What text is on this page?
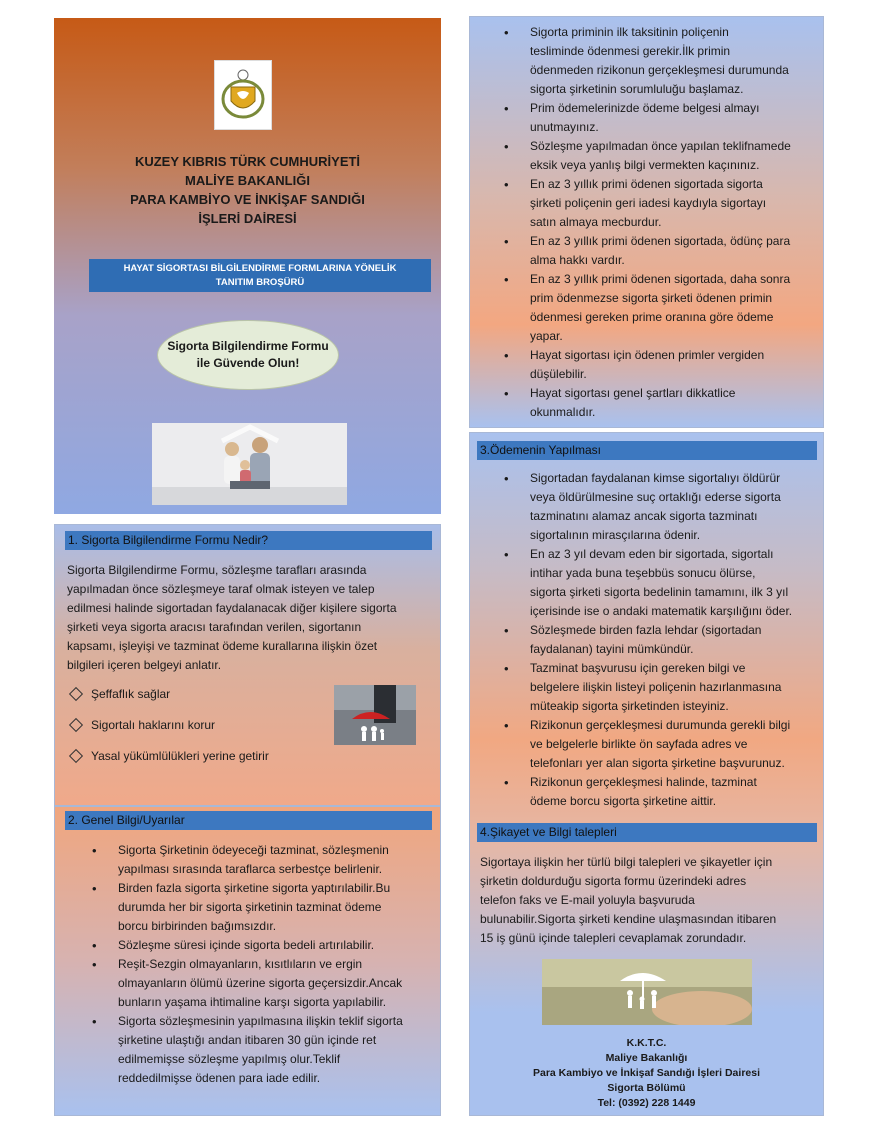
KUZEY KIBRIS TÜRK CUMHURİYETİ
MALİYE BAKANLIĞI
PARA KAMBİYO VE İNKİŞAF SANDIĞI
İŞLERİ DAİRESİ
HAYAT SİGORTASI BİLGİLENDİRME FORMLARINA YÖNELİK
TANITIM BROŞÜRÜ
Sigorta Bilgilendirme Formu
ile Güvende Olun!
1. Sigorta Bilgilendirme Formu Nedir?
Sigorta Bilgilendirme Formu, sözleşme tarafları arasında
yapılmadan önce sözleşmeye taraf olmak isteyen ve talep
edilmesi halinde sigortadan faydalanacak diğer kişilere sigorta
şirketi veya sigorta aracısı tarafından verilen, sigortanın
kapsamı, işleyişi ve tazminat ödeme kurallarına ilişkin özet
bilgileri içeren belgeyi anlatır.
Şeffaflık sağlar
Sigortalı haklarını korur
Yasal yükümlülükleri yerine getirir
2. Genel Bilgi/Uyarılar
• Sigorta Şirketinin ödeyeceği tazminat, sözleşmenin
yapılması sırasında taraflarca serbestçe belirlenir.
• Birden fazla sigorta şirketine sigorta yaptırılabilir.Bu
durumda her bir sigorta şirketinin tazminat ödeme
borcu birbirinden bağımsızdır.
• Sözleşme süresi içinde sigorta bedeli artırılabilir.
• Reşit-Sezgin olmayanların, kısıtlıların ve ergin
olmayanların ölümü üzerine sigorta geçersizdir.Ancak
bunların yaşama ihtimaline karşı sigorta yapılabilir.
• Sigorta sözleşmesinin yapılmasına ilişkin teklif sigorta
şirketine ulaştığı andan itibaren 30 gün içinde ret
edilmemişse sözleşme yapılmış olur.Teklif
reddedilmişse ödenen para iade edilir.
• Sigorta priminin ilk taksitinin poliçenin
tesliminde ödenmesi gerekir.İlk primin
ödenmeden rizikonun gerçekleşmesi durumunda
sigorta şirketinin sorumluluğu başlamaz.
• Prim ödemelerinizde ödeme belgesi almayı
unutmayınız.
• Sözleşme yapılmadan önce yapılan teklifnamede
eksik veya yanlış bilgi vermekten kaçınınız.
• En az 3 yıllık primi ödenen sigortada sigorta
şirketi poliçenin geri iadesi kaydıyla sigortayı
satın almaya mecburdur.
• En az 3 yıllık primi ödenen sigortada, ödünç para
alma hakkı vardır.
• En az 3 yıllık primi ödenen sigortada, daha sonra
prim ödenmezse sigorta şirketi ödenen primin
ödenmesi gereken prime oranına göre ödeme
yapar.
• Hayat sigortası için ödenen primler vergiden
düşülebilir.
• Hayat sigortası genel şartları dikkatlice
okunmalıdır.
3.Ödemenin Yapılması
• Sigortadan faydalanan kimse sigortalıyı öldürür
veya öldürülmesine suç ortaklığı ederse sigorta
tazminatını alamaz ancak sigorta tazminatı
sigortalının mirasçılarına ödenir.
• En az 3 yıl devam eden bir sigortada, sigortalı
intihar yada buna teşebbüs sonucu ölürse,
sigorta şirketi sigorta bedelinin tamamını, ilk 3 yıl
içerisinde ise o andaki matematik karşılığını öder.
• Sözleşmede birden fazla lehdar (sigortadan
faydalanan) tayini mümkündür.
• Tazminat başvurusu için gereken bilgi ve
belgelere ilişkin listeyi poliçenin hazırlanmasına
müteakip sigorta şirketinden isteyiniz.
• Rizikonun gerçekleşmesi durumunda gerekli bilgi
ve belgelerle birlikte ön sayfada adres ve
telefonları yer alan sigorta şirketine başvurunuz.
• Rizikonun gerçekleşmesi halinde, tazminat
ödeme borcu sigorta şirketine aittir.
4.Şikayet ve Bilgi talepleri
Sigortaya ilişkin her türlü bilgi talepleri ve şikayetler için
şirketin doldurduğu sigorta formu üzerindeki adres
telefon faks ve E-mail yoluyla başvuruda
bulunabilir.Sigorta şirketi kendine ulaşmasından itibaren
15 iş günü içinde talepleri cevaplamak zorundadır.
K.K.T.C.
Maliye Bakanlığı
Para Kambiyo ve İnkişaf Sandığı İşleri Dairesi
Sigorta Bölümü
Tel: (0392) 228 1449
